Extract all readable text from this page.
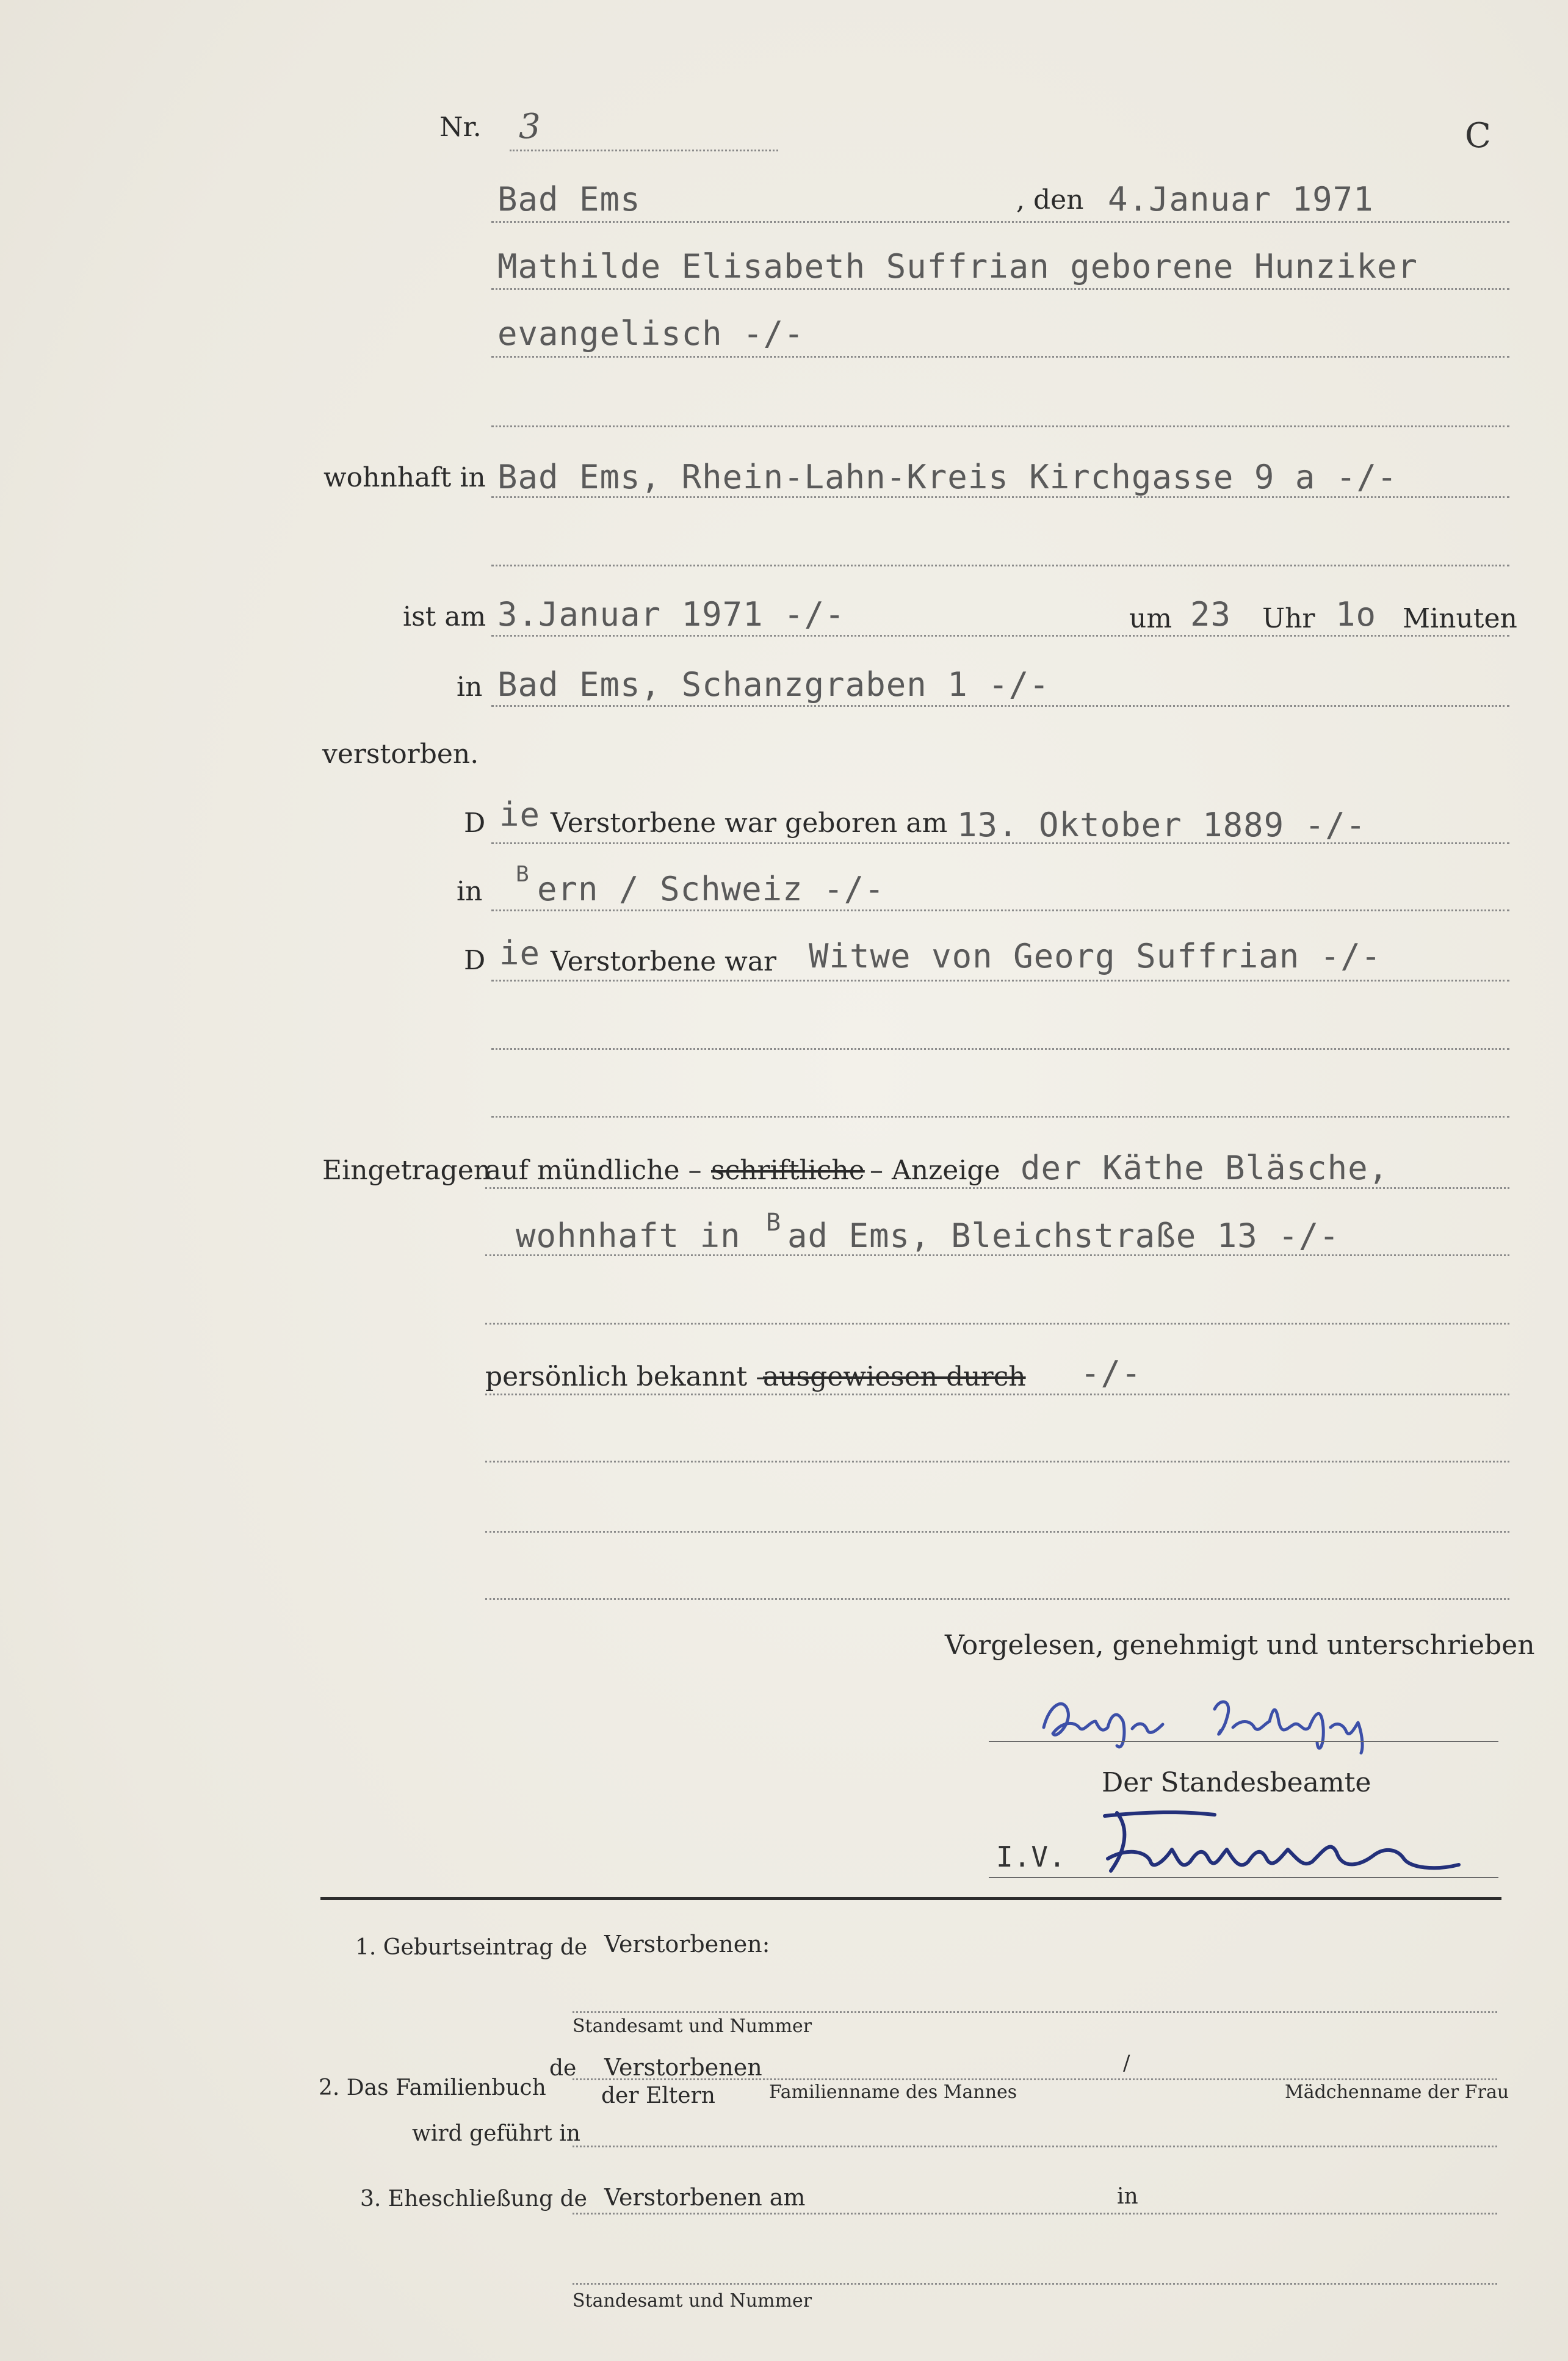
Nr. 3	C
Bad Ems	, den 4.Januar 1971
Mathilde Elisabeth Suffrian geborene Hunziker
evangelisch -/-
wohnhaft in Bad Ems, Rhein-Lahn-Kreis Kirchgasse 9 a -/-
ist am 3.Januar 1971 -/-	um 23 Uhr 1o Minuten
in Bad Ems, Schanzgraben 1 -/-
verstorben.
D ie Verstorbene war geboren am 13. Oktober 1889 -/-
in
B ern / Schweiz -/-
D ie Verstorbene war Witwe von Georg Suffrian -/-
Eingetragen
auf mündliche – schriftliche – Anzeige der Käthe Bläsche,
wohnhaft in B ad Ems, Bleichstraße 13 -/-
persönlich bekannt –
ausgewiesen durch -/-
Vorgelesen, genehmigt und unterschrieben
Der Standesbeamte
I.V.
1. Geburtseintrag de Verstorbenen:
Standesamt und Nummer
de Verstorbenen	/
2. Das Familienbuch	der Eltern	Familienname des Mannes	Mädchenname der Frau
wird geführt in
3. Eheschließung de Verstorbenen am	in
Standesamt und Nummer
